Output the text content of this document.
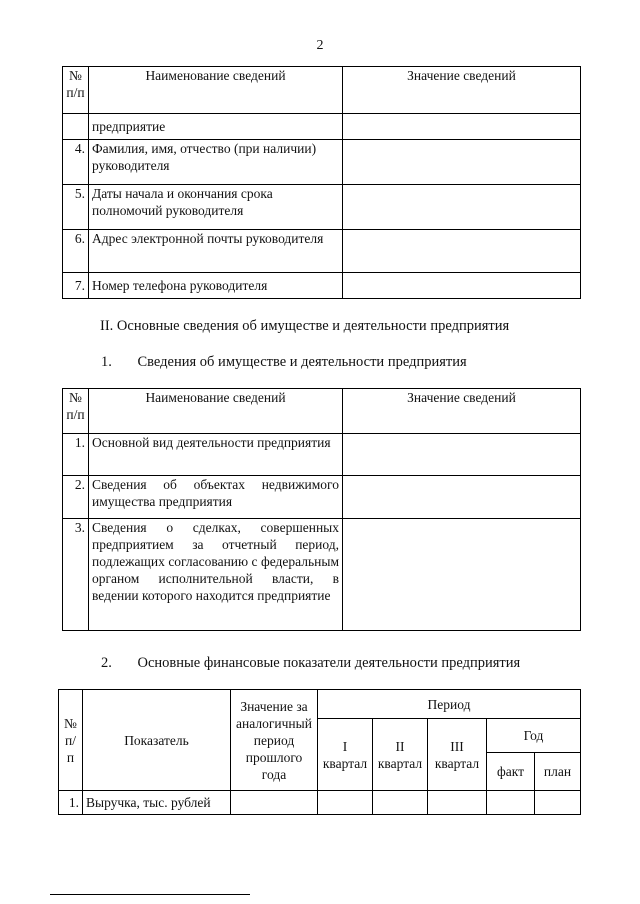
2
№ п/п	Наименование сведений	Значение сведений
	предприятие	
4.	Фамилия, имя, отчество (при наличии) руководителя	
5.	Даты начала и окончания срока полномочий руководителя	
6.	Адрес электронной почты руководителя	
7.	Номер телефона руководителя	
II. Основные сведения об имуществе и деятельности предприятия
1. Сведения об имуществе и деятельности предприятия
№ п/п	Наименование сведений	Значение сведений
1.	Основной вид деятельности предприятия	
2.	Сведения об объектах недвижимого имущества предприятия	
3.	Сведения о сделках, совершенных предприятием за отчетный период, подлежащих согласованию с федеральным органом исполнительной власти, в ведении которого находится предприятие	
2. Основные финансовые показатели деятельности предприятия
№ п/п	Показатель	Значение за аналогичный период прошлого года	Период				
			I квартал	II квартал	III квартал	Год	
						факт	план
1.	Выручка, тыс. рублей						
